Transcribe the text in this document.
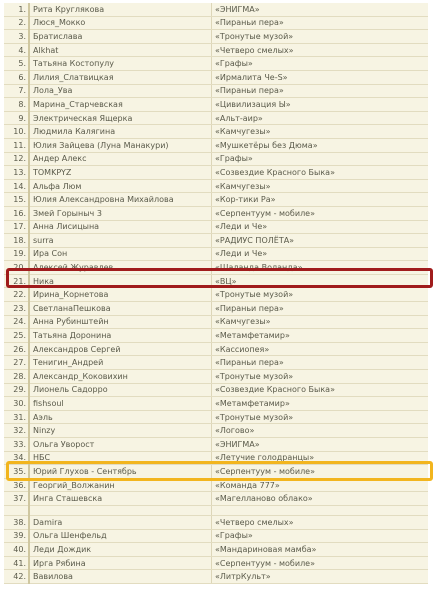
1.	Рита Круглякова	«ЭНИГМА»
2.	Люся_Мокко	«Пираньи пера»
3.	Братислава	«Тронутые музой»
4.	Alkhat	«Четверо смелых»
5.	Татьяна Костопулу	«Графы»
6.	Лилия_Слатвицкая	«Ирмалита Че-S»
7.	Лола_Ува	«Пираньи пера»
8.	Марина_Старчевская	«Цивилизация Ы»
9.	Электрическая Ящерка	«Альт-аир»
10.	Людмила Калягина	«Камчугезы»
11.	Юлия Зайцева (Луна Манакури)	«Мушкетёры без Дюма»
12.	Андер Алекс	«Графы»
13.	TOMKPYZ	«Созвездие Красного Быка»
14.	Альфа Люм	«Камчугезы»
15.	Юлия Александровна Михайлова	«Кор-тики Ра»
16.	Змей Горыныч 3	«Серпентуум - мобиле»
17.	Анна Лисицына	«Леди и Че»
18.	surra	«РАДИУС ПОЛЁТА»
19.	Ира Сон	«Леди и Че»
20.	Алексей Журавлев	«Шаланда Воланда»
21.	Ника	«ВЦ»
22.	Ирина_Корнетова	«Тронутые музой»
23.	СветланаПешкова	«Пираньи пера»
24.	Анна Рубинштейн	«Камчугезы»
25.	Татьяна Доронина	«Метамфетамир»
26.	Александров Сергей	«Кассиопея»
27.	Тенигин_Андрей	«Пираньи пера»
28.	Александр_Коковихин	«Тронутые музой»
29.	Лионель Садорро	«Созвездие Красного Быка»
30.	fishsoul	«Метамфетамир»
31.	Аэль	«Тронутые музой»
32.	Ninzy	«Логово»
33.	Ольга Уворост	«ЭНИГМА»
34.	НБС	«Летучие голодранцы»
35.	Юрий Глухов - Сентябрь	«Серпентуум - мобиле»
36.	Георгий_Волжанин	«Команда 777»
37.	Инга Сташевска	«Магелланово облако»

38.	Damira	«Четверо смелых»
39.	Ольга Шенфельд	«Графы»
40.	Леди Дождик	«Мандариновая мамба»
41.	Ирга Рябина	«Серпентуум - мобиле»
42.	Вавилова	«ЛитрКульт»
